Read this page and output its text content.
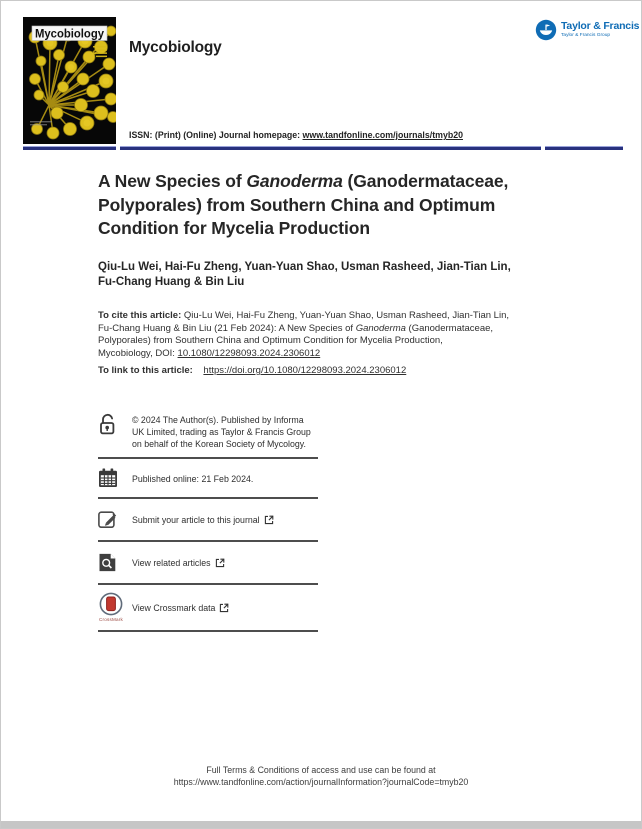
Mycobiology
Mycobiology
ISSN: (Print) (Online) Journal homepage: www.tandfonline.com/journals/tmyb20
Taylor & Francis
Taylor & Francis Group
A New Species of Ganoderma (Ganodermataceae,
Polyporales) from Southern China and Optimum
Condition for Mycelia Production
Qiu-Lu Wei, Hai-Fu Zheng, Yuan-Yuan Shao, Usman Rasheed, Jian-Tian Lin,
Fu-Chang Huang & Bin Liu
To cite this article: Qiu-Lu Wei, Hai-Fu Zheng, Yuan-Yuan Shao, Usman Rasheed, Jian-Tian Lin,
Fu-Chang Huang & Bin Liu (21 Feb 2024): A New Species of Ganoderma (Ganodermataceae,
Polyporales) from Southern China and Optimum Condition for Mycelia Production,
Mycobiology, DOI: 10.1080/12298093.2024.2306012
To link to this article: https://doi.org/10.1080/12298093.2024.2306012
© 2024 The Author(s). Published by Informa UK Limited, trading as Taylor & Francis Group on behalf of the Korean Society of Mycology.
Published online: 21 Feb 2024.
Submit your article to this journal
View related articles
CrossMark
View Crossmark data
Full Terms & Conditions of access and use can be found at
https://www.tandfonline.com/action/journalInformation?journalCode=tmyb20
